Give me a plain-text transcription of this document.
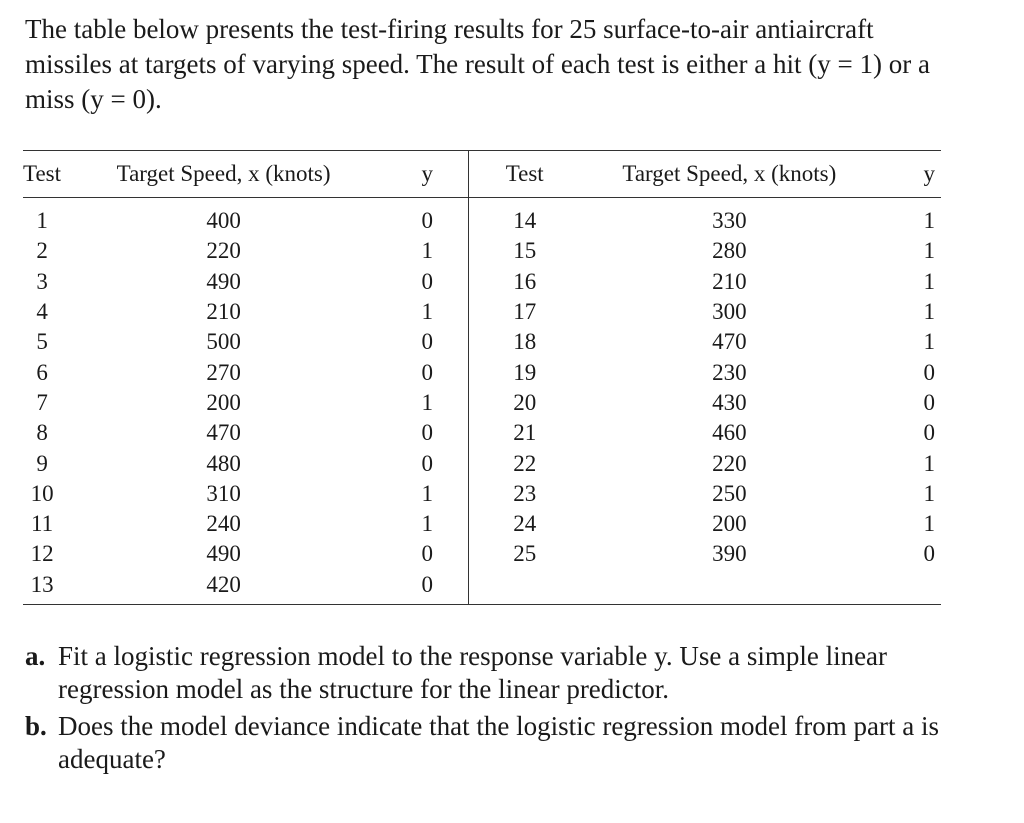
The table below presents the test-firing results for 25 surface-to-air antiaircraft missiles at targets of varying speed. The result of each test is either a hit (y = 1) or a miss (y = 0).

Test	Target Speed, x (knots)	y	Test	Target Speed, x (knots)	y
1	400	0	14	330	1
2	220	1	15	280	1
3	490	0	16	210	1
4	210	1	17	300	1
5	500	0	18	470	1
6	270	0	19	230	0
7	200	1	20	430	0
8	470	0	21	460	0
9	480	0	22	220	1
10	310	1	23	250	1
11	240	1	24	200	1
12	490	0	25	390	0
13	420	0			
a. Fit a logistic regression model to the response variable y. Use a simple linear regression model as the structure for the linear predictor.
b. Does the model deviance indicate that the logistic regression model from part a is adequate?
